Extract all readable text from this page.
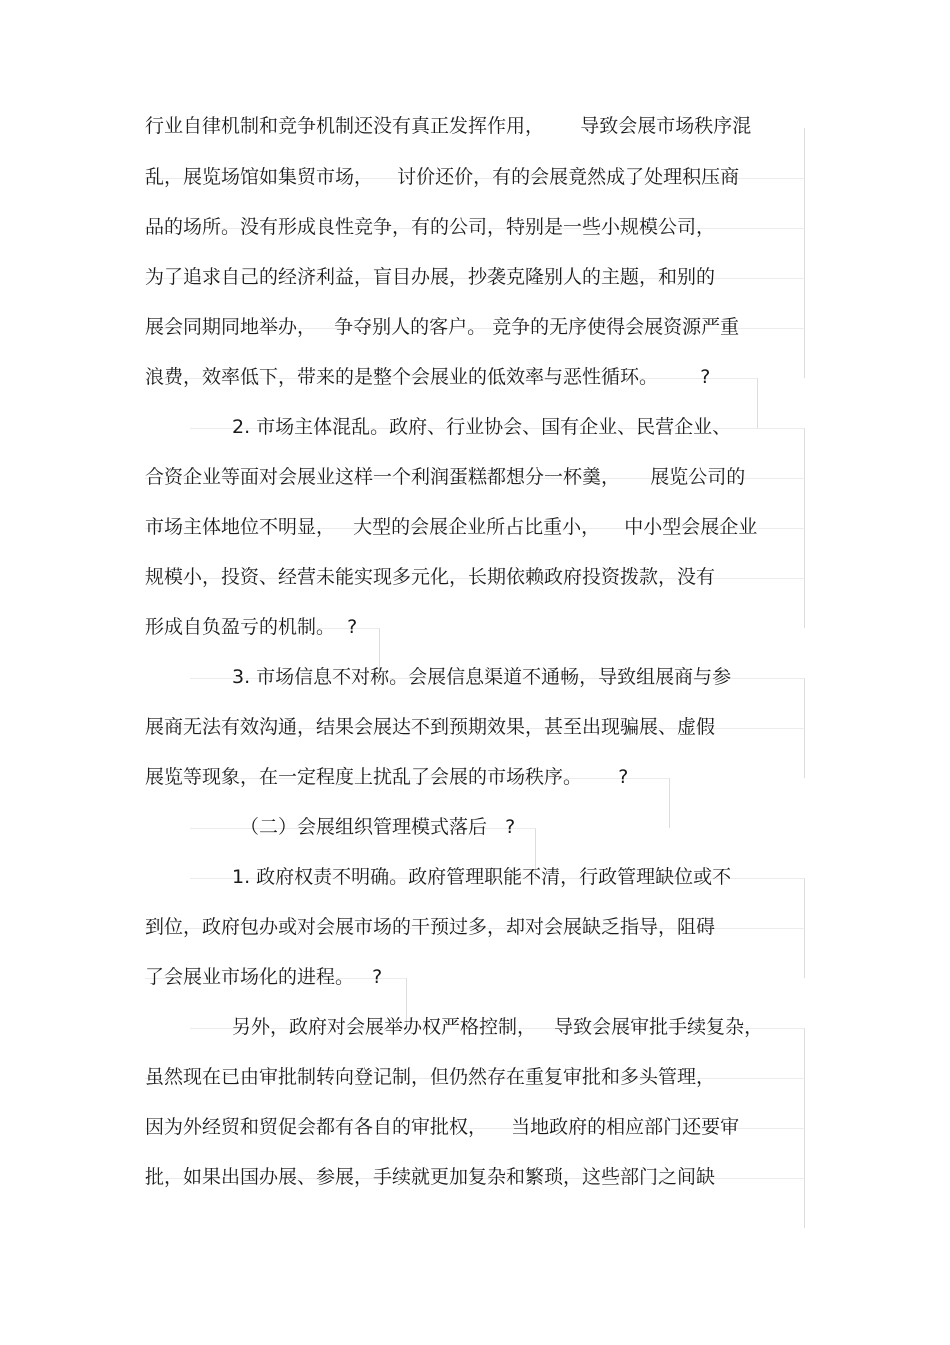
行业自律机制和竞争机制还没有真正发挥作用，      导致会展市场秩序混

乱，展览场馆如集贸市场，    讨价还价，有的会展竟然成了处理积压商

品的场所。没有形成良性竞争，有的公司，特别是一些小规模公司，

为了追求自己的经济利益，盲目办展，抄袭克隆别人的主题，和别的

展会同期同地举办，   争夺别人的客户。 竞争的无序使得会展资源严重

浪费，效率低下，带来的是整个会展业的低效率与恶性循环。       ?

2. 市场主体混乱。政府、行业协会、国有企业、民营企业、

合资企业等面对会展业这样一个利润蛋糕都想分一杯羹，     展览公司的

市场主体地位不明显，   大型的会展企业所占比重小，    中小型会展企业

规模小，投资、经营未能实现多元化，长期依赖政府投资拨款，没有

形成自负盈亏的机制。  ?

3. 市场信息不对称。会展信息渠道不通畅，导致组展商与参

展商无法有效沟通，结果会展达不到预期效果，甚至出现骗展、虚假

展览等现象，在一定程度上扰乱了会展的市场秩序。      ?

（二）会展组织管理模式落后   ?

1. 政府权责不明确。政府管理职能不清，行政管理缺位或不

到位，政府包办或对会展市场的干预过多，却对会展缺乏指导，阻碍

了会展业市场化的进程。   ?

另外，政府对会展举办权严格控制，   导致会展审批手续复杂，

虽然现在已由审批制转向登记制，但仍然存在重复审批和多头管理，

因为外经贸和贸促会都有各自的审批权，    当地政府的相应部门还要审

批，如果出国办展、参展，手续就更加复杂和繁琐，这些部门之间缺
